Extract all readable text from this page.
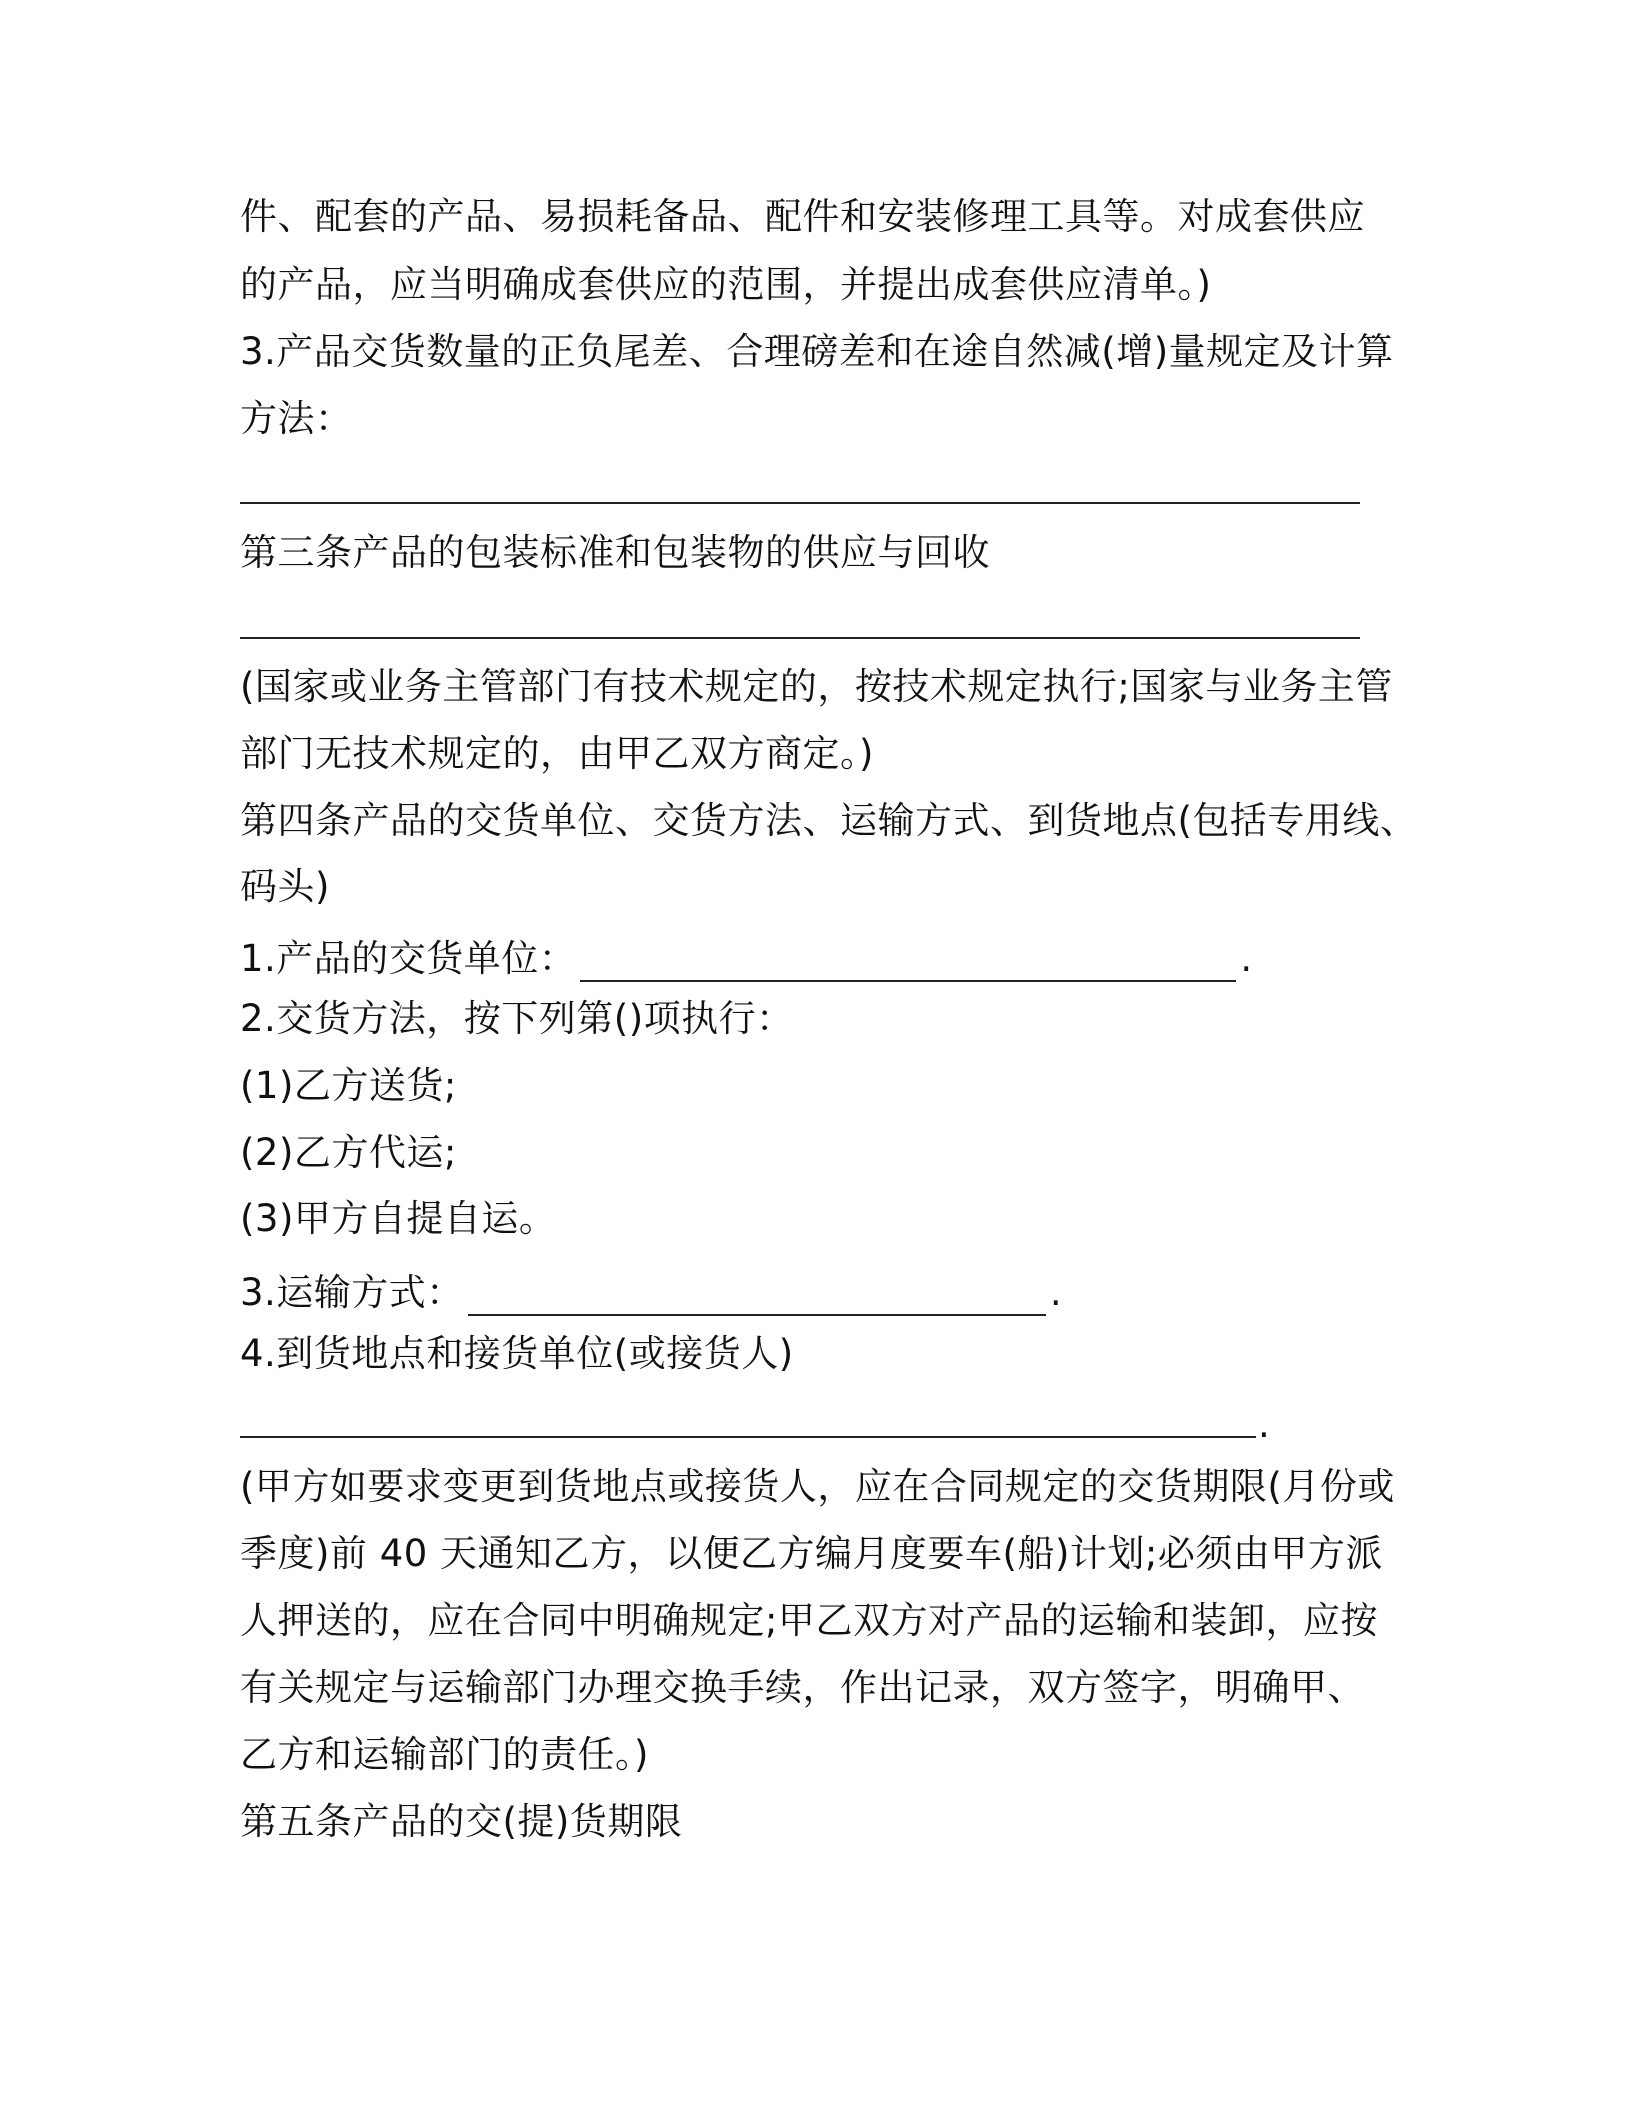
件、配套的产品、易损耗备品、配件和安装修理工具等。对成套供应
的产品，应当明确成套供应的范围，并提出成套供应清单。)
3.产品交货数量的正负尾差、合理磅差和在途自然减(增)量规定及计算
方法：
第三条产品的包装标准和包装物的供应与回收
(国家或业务主管部门有技术规定的，按技术规定执行;国家与业务主管
部门无技术规定的，由甲乙双方商定。)
第四条产品的交货单位、交货方法、运输方式、到货地点(包括专用线、
码头)
1.产品的交货单位：	.
2.交货方法，按下列第()项执行：
(1)乙方送货;
(2)乙方代运;
(3)甲方自提自运。
3.运输方式：	.
4.到货地点和接货单位(或接货人)
.
(甲方如要求变更到货地点或接货人，应在合同规定的交货期限(月份或
季度)前 40 天通知乙方，以便乙方编月度要车(船)计划;必须由甲方派
人押送的，应在合同中明确规定;甲乙双方对产品的运输和装卸，应按
有关规定与运输部门办理交换手续，作出记录，双方签字，明确甲、
乙方和运输部门的责任。)
第五条产品的交(提)货期限
